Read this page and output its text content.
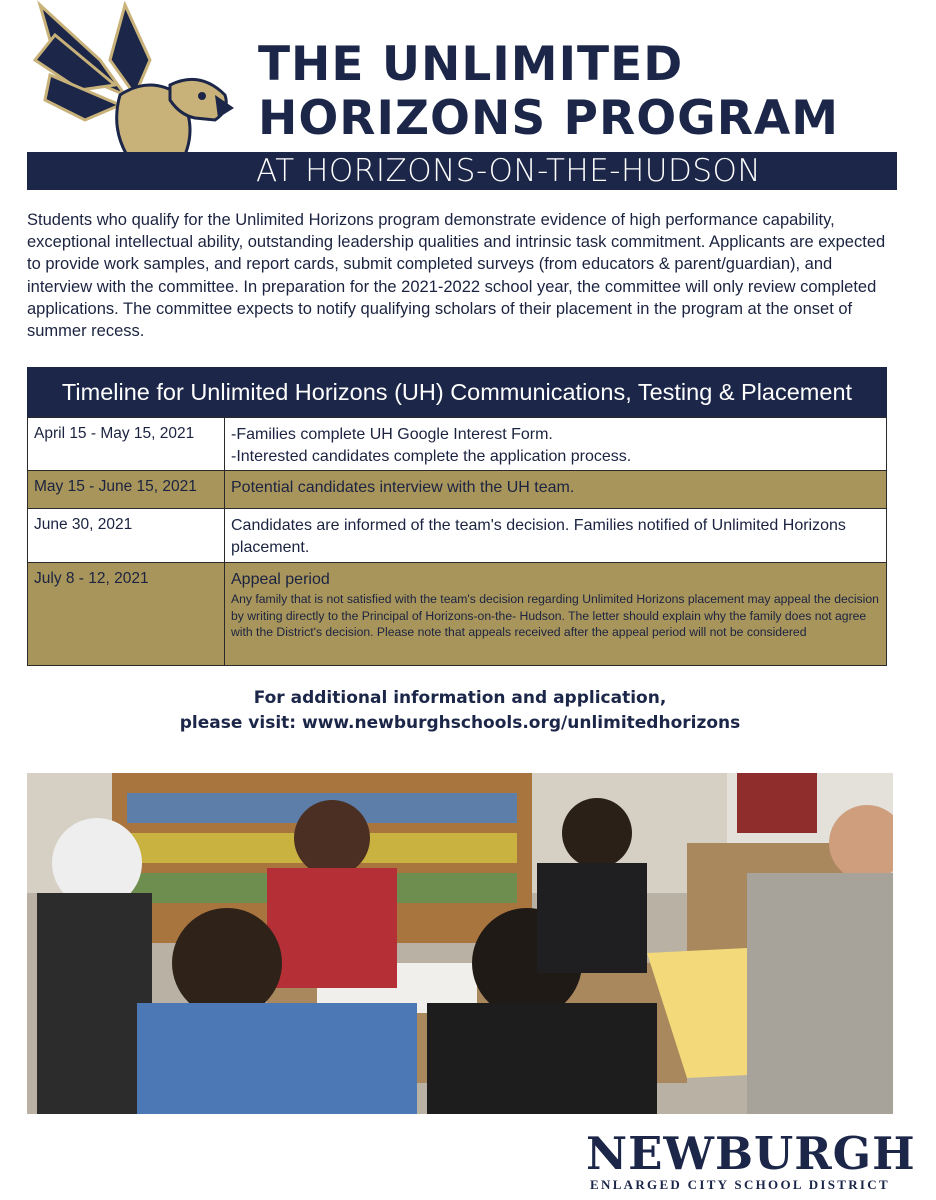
THE UNLIMITED
HORIZONS PROGRAM
AT HORIZONS-ON-THE-HUDSON

Students who qualify for the Unlimited Horizons program demonstrate evidence of high performance capability, exceptional intellectual ability, outstanding leadership qualities and intrinsic task commitment. Applicants are expected to provide work samples, and report cards, submit completed surveys (from educators & parent/guardian), and interview with the committee. In preparation for the 2021-2022 school year, the committee will only review completed applications. The committee expects to notify qualifying scholars of their placement in the program at the onset of summer recess.

Timeline for Unlimited Horizons (UH) Communications, Testing & Placement
April 15 - May 15, 2021	-Families complete UH Google Interest Form.
-Interested candidates complete the application process.
May 15 - June 15, 2021	Potential candidates interview with the UH team.
June 30, 2021	Candidates are informed of the team's decision. Families notified of Unlimited Horizons placement.
July 8 - 12, 2021	Appeal period
Any family that is not satisfied with the team's decision regarding Unlimited Horizons placement may appeal the decision by writing directly to the Principal of Horizons-on-the- Hudson. The letter should explain why the family does not agree with the District's decision. Please note that appeals received after the appeal period will not be considered
For additional information and application,
please visit: www.newburghschools.org/unlimitedhorizons
NEWBURGH
ENLARGED CITY SCHOOL DISTRICT
